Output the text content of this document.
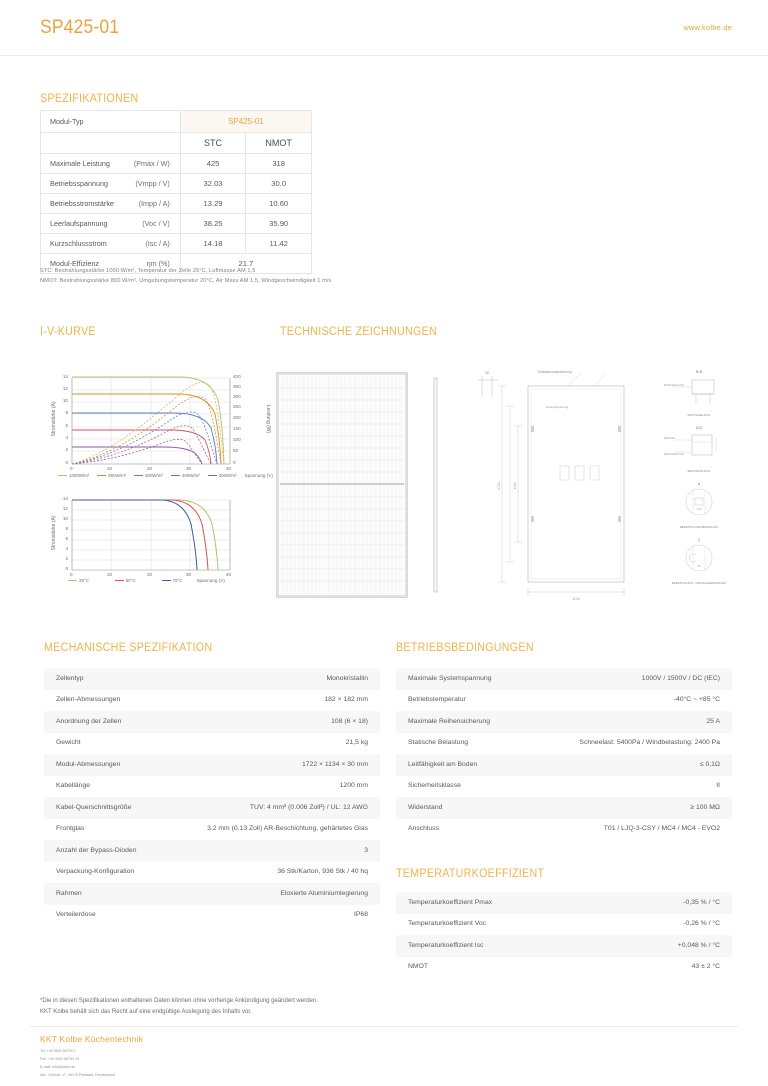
SP425-01	www.kolbe.de
SPEZIFIKATIONEN
Modul-Typ	SP425-01	
	STC	NMOT

Maximale Leistung (Pmax / W)	425	318

Betriebsspannung (Vmpp / V)	32.03	30.0

Betriebsstromstärke (Impp / A)	13.29	10.60

Leerlaufspannung (Voc / V)	38.25	35.90

Kurzschlussstrom (Isc / A)	14.18	11.42

Modul-Effizienz ηm (%)	21.7	
STC: Bestrahlungsstärke 1000 W/m², Temperatur der Zelle 25°C, Luftmasse AM 1,5
NMOT: Bestrahlungsstärke 800 W/m², Umgebungstemperatur 20°C, Air Mass AM 1,5, Windgeschwindigkeit 1 m/s
I-V-KURVE	TECHNISCHE ZEICHNUNGEN
14
12
10
8
6
4
2
0
400
350
300
250
200
150
100
50
0
0	10	20	30	40
Stromstärke (A)	Leistung (W)
1000W/m²	800W/m²	600W/m²	400W/m²	200W/m² Spannung (V)
14
12
10
8
6
4
2
0
0	10	20	30	40
Stromstärke (A)
25°C	50°C	75°C	Spannung (V)
30
1722	1400
1134
Entwässerungsbohrung
Erdungsbohrung
B-B
MONTAGELOCH
MONTAGELOCH
D-D
ERDUNG
ERDUNGSLOCH
ERDUNGSLOCH
A
14×9
BEFESTIGUNGSBOHRUNG
C
Ø4
BEFESTIGUNG / DRAINAGEBOHRUNG
MECHANISCHE SPEZIFIKATION
Zellentyp	Monokristallin
Zellen-Abmessungen	182 × 182 mm
Anordnung der Zellen	108 (6 × 18)
Gewicht	21,5 kg
Modul-Abmessungen	1722 × 1134 × 30 mm
Kabellänge	1200 mm
Kabel-Querschnittsgröße	TUV: 4 mm² (0.006 Zoll²) / UL: 12 AWG
Frontglas	3.2 mm (0.13 Zoll) AR-Beschichtung, gehärtetes Glas
Anzahl der Bypass-Dioden	3
Verpackung-Konfiguration	36 Stk/Karton, 936 Stk / 40 hq
Rahmen	Eloxierte Aluminiumlegierung
Verteilerdose	IP68
BETRIEBSBEDINGUNGEN
Maximale Systemspannung	1000V / 1500V / DC (IEC)
Betriebstemperatur	-40°C ~ +85 °C
Maximale Reihensicherung	25 A
Statische Belastung	Schneelast: 5400Pa / Windbelastung: 2400 Pa
Leitfähigkeit am Boden	≤ 0,1Ω
Sicherheitsklasse	II
Widerstand	≥ 100 MΩ
Anschluss	T01 / LJQ-3-CSY / MC4 / MC4 - EVO2
TEMPERATURKOEFFIZIENT
Temperaturkoeffizient Pmax	-0,35 % / °C
Temperaturkoeffizient Voc	-0,26 % / °C
Temperaturkoeffizient Isc	+0,048 % / °C
NMOT	43 ± 2 °C
*Die in diesen Spezifikationen enthaltenen Daten können ohne vorherige Ankündigung geändert werden.
KKT Kolbe behält sich das Recht auf eine endgültige Auslegung des Inhalts vor.
KKT Kolbe Küchentechnik
Tel: +49 9502 66793 0
Fax: +49 9502 66793 25
E-mail: info@kolbe.de
Adr.: Ohmstr. 17, 96175 Pettstadt, Deutschland
